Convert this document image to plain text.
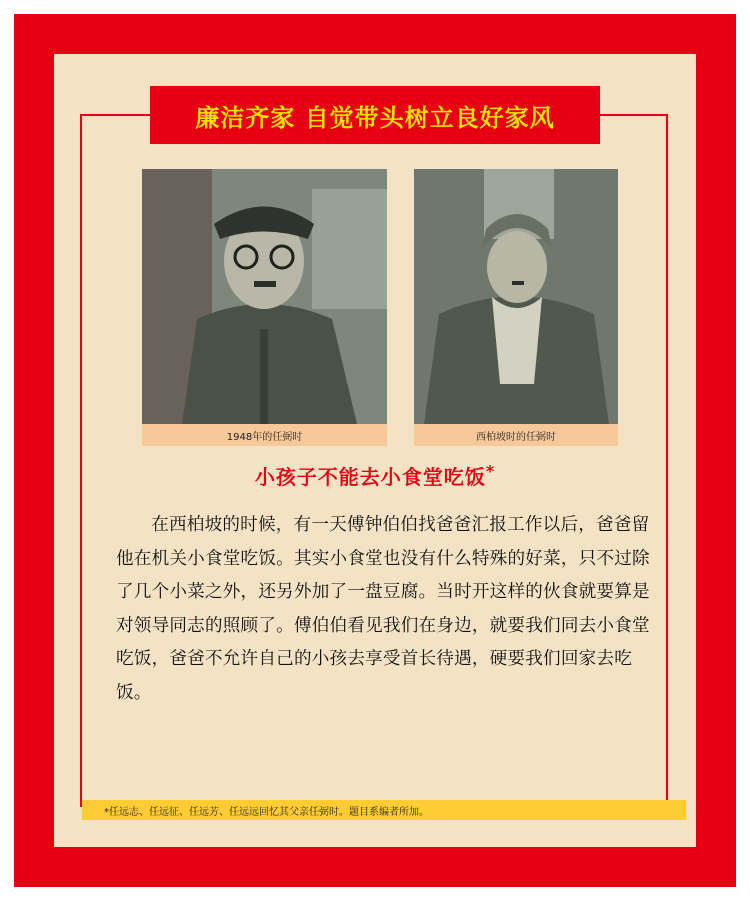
廉洁齐家 自觉带头树立良好家风
1948年的任弼时	西柏坡时的任弼时
小孩子不能去小食堂吃饭*
在西柏坡的时候，有一天傅钟伯伯找爸爸汇报工作以后，爸爸留他在机关小食堂吃饭。其实小食堂也没有什么特殊的好菜，只不过除了几个小菜之外，还另外加了一盘豆腐。当时开这样的伙食就要算是对领导同志的照顾了。傅伯伯看见我们在身边，就要我们同去小食堂吃饭，爸爸不允许自己的小孩去享受首长待遇，硬要我们回家去吃饭。
*任远志、任远征、任远芳、任远远回忆其父亲任弼时。题目系编者所加。
